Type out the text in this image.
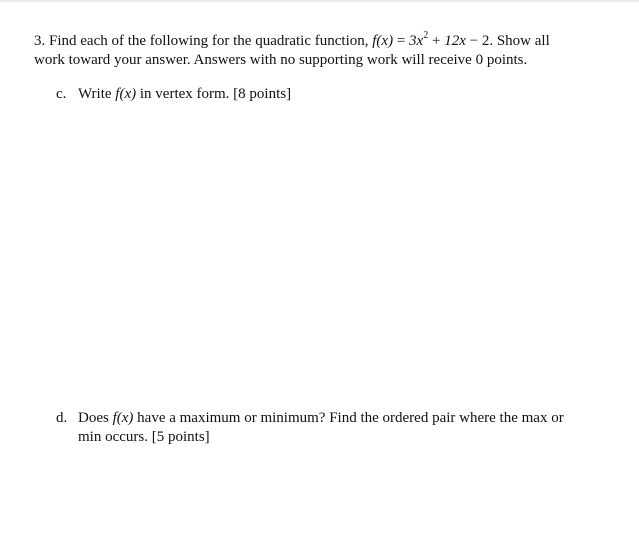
3. Find each of the following for the quadratic function, $f(x) = 3x^2 + 12x - 2$. Show all
work toward your answer. Answers with no supporting work will receive 0 points.
c. Write f(x) in vertex form. [8 points]
d. Does f(x) have a maximum or minimum? Find the ordered pair where the max or
min occurs. [5 points]
